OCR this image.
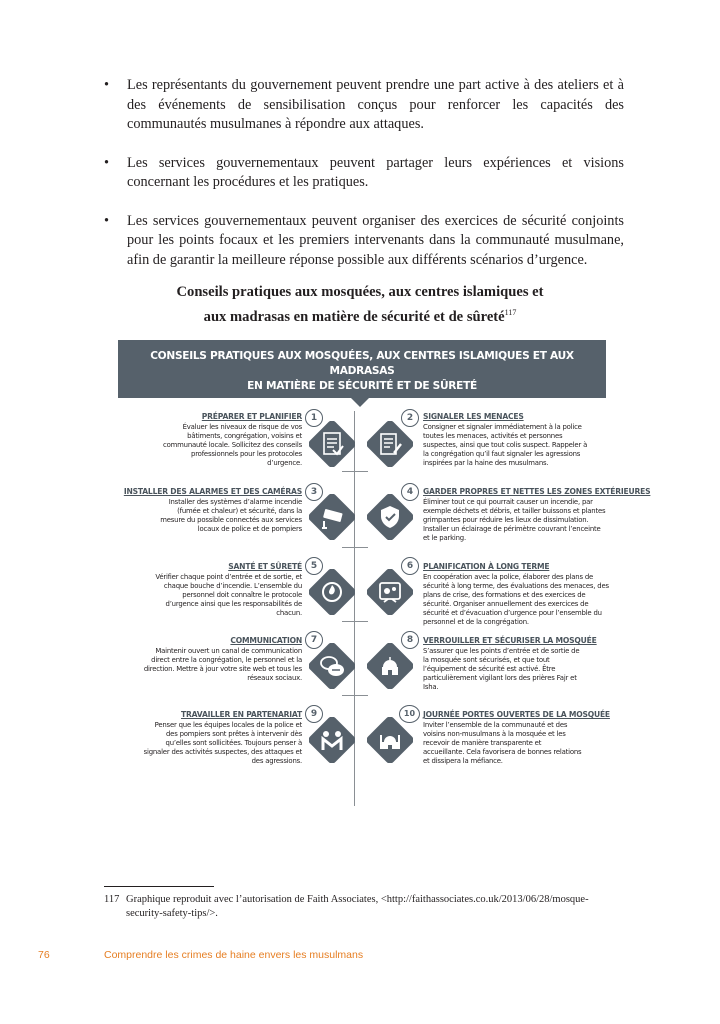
• Les représentants du gouvernement peuvent prendre une part active à des ateliers et à des événements de sensibilisation conçus pour renforcer les capacités des communautés musulmanes à répondre aux attaques.
• Les services gouvernementaux peuvent partager leurs expériences et visions concernant les procédures et les pratiques.
• Les services gouvernementaux peuvent organiser des exercices de sécurité conjoints pour les points focaux et les premiers intervenants dans la communauté musulmane, afin de garantir la meilleure réponse possible aux différents scénarios d’urgence.
Conseils pratiques aux mosquées, aux centres islamiques et
aux madrasas en matière de sécurité et de sûreté$^{117}$
CONSEILS PRATIQUES AUX MOSQUÉES, AUX CENTRES ISLAMIQUES ET AUX MADRASAS
EN MATIÈRE DE SÉCURITÉ ET DE SÛRETÉ
PRÉPARER ET PLANIFIER
Évaluer les niveaux de risque de vos bâtiments, congrégation, voisins et communauté locale. Sollicitez des conseils professionnels pour les protocoles d’urgence.
1	2	SIGNALER LES MENACES
Consigner et signaler immédiatement à la police toutes les menaces, activités et personnes suspectes, ainsi que tout colis suspect. Rappeler à la congrégation qu’il faut signaler les agressions inspirées par la haine des musulmans.
INSTALLER DES ALARMES ET DES CAMÉRAS
Installer des systèmes d’alarme incendie (fumée et chaleur) et sécurité, dans la mesure du possible connectés aux services locaux de police et de pompiers
3	4	GARDER PROPRES ET NETTES LES ZONES EXTÉRIEURES
Éliminer tout ce qui pourrait causer un incendie, par exemple déchets et débris, et tailler buissons et plantes grimpantes pour réduire les lieux de dissimulation. Installer un éclairage de périmètre couvrant l’enceinte et le parking.
SANTÉ ET SÛRETÉ
Vérifier chaque point d’entrée et de sortie, et chaque bouche d’incendie. L’ensemble du personnel doit connaître le protocole d’urgence ainsi que les responsabilités de chacun.
5	6	PLANIFICATION À LONG TERME
En coopération avec la police, élaborer des plans de sécurité à long terme, des évaluations des menaces, des plans de crise, des formations et des exercices de sécurité. Organiser annuellement des exercices de sécurité et d’évacuation d’urgence pour l’ensemble du personnel et de la congrégation.
COMMUNICATION
Maintenir ouvert un canal de communication direct entre la congrégation, le personnel et la direction. Mettre à jour votre site web et tous les réseaux sociaux.
7	8	VERROUILLER ET SÉCURISER LA MOSQUÉE
S’assurer que les points d’entrée et de sortie de la mosquée sont sécurisés, et que tout l’équipement de sécurité est activé. Être particulièrement vigilant lors des prières Fajr et Isha.
TRAVAILLER EN PARTENARIAT
Penser que les équipes locales de la police et des pompiers sont prêtes à intervenir dès qu’elles sont sollicitées. Toujours penser à signaler des activités suspectes, des attaques et des agressions.
9	10	JOURNÉE PORTES OUVERTES DE LA MOSQUÉE
Inviter l’ensemble de la communauté et des voisins non-musulmans à la mosquée et les recevoir de manière transparente et accueillante. Cela favorisera de bonnes relations et dissipera la méfiance.
117 Graphique reproduit avec l’autorisation de Faith Associates, <http://faithassociates.co.uk/2013/06/28/mosque-
security-safety-tips/>.
76	Comprendre les crimes de haine envers les musulmans
